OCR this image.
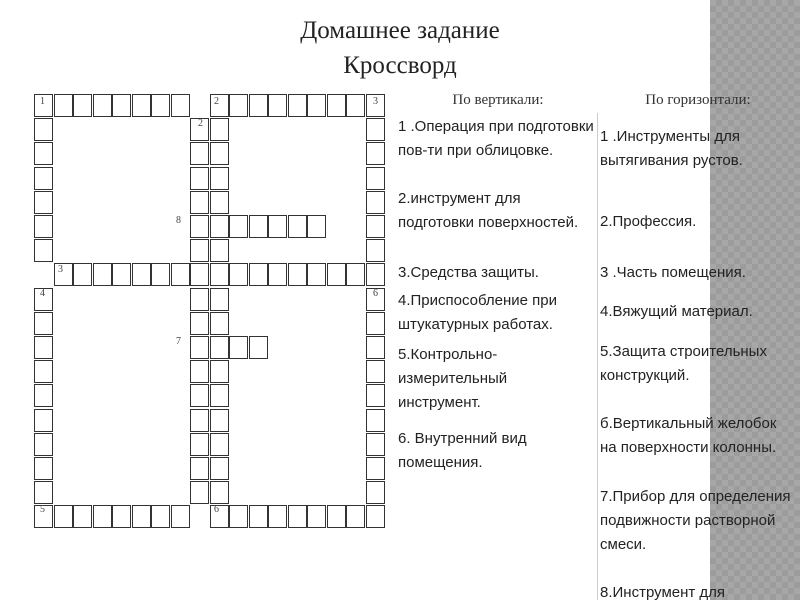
Домашнее задание
Кроссворд
1	2	3
2
8
3
4	6
7
5	6
По вертикали:	По горизонтали:
1 .Операция при подготовки пов-ти при облицовке.
2.инструмент для подготовки поверхностей.
3.Средства защиты.
4.Приспособление при штукатурных работах.
5.Контрольно-измерительный инструмент.
6. Внутренний вид помещения.
1 .Инструменты для вытягивания рустов.
2.Профессия.
3 .Часть помещения.
4.Вяжущий материал.
5.Защита строительных конструкций.
б.Вертикальный желобок на поверхности колонны.
7.Прибор для определения подвижности растворной смеси.
8.Инструмент для
